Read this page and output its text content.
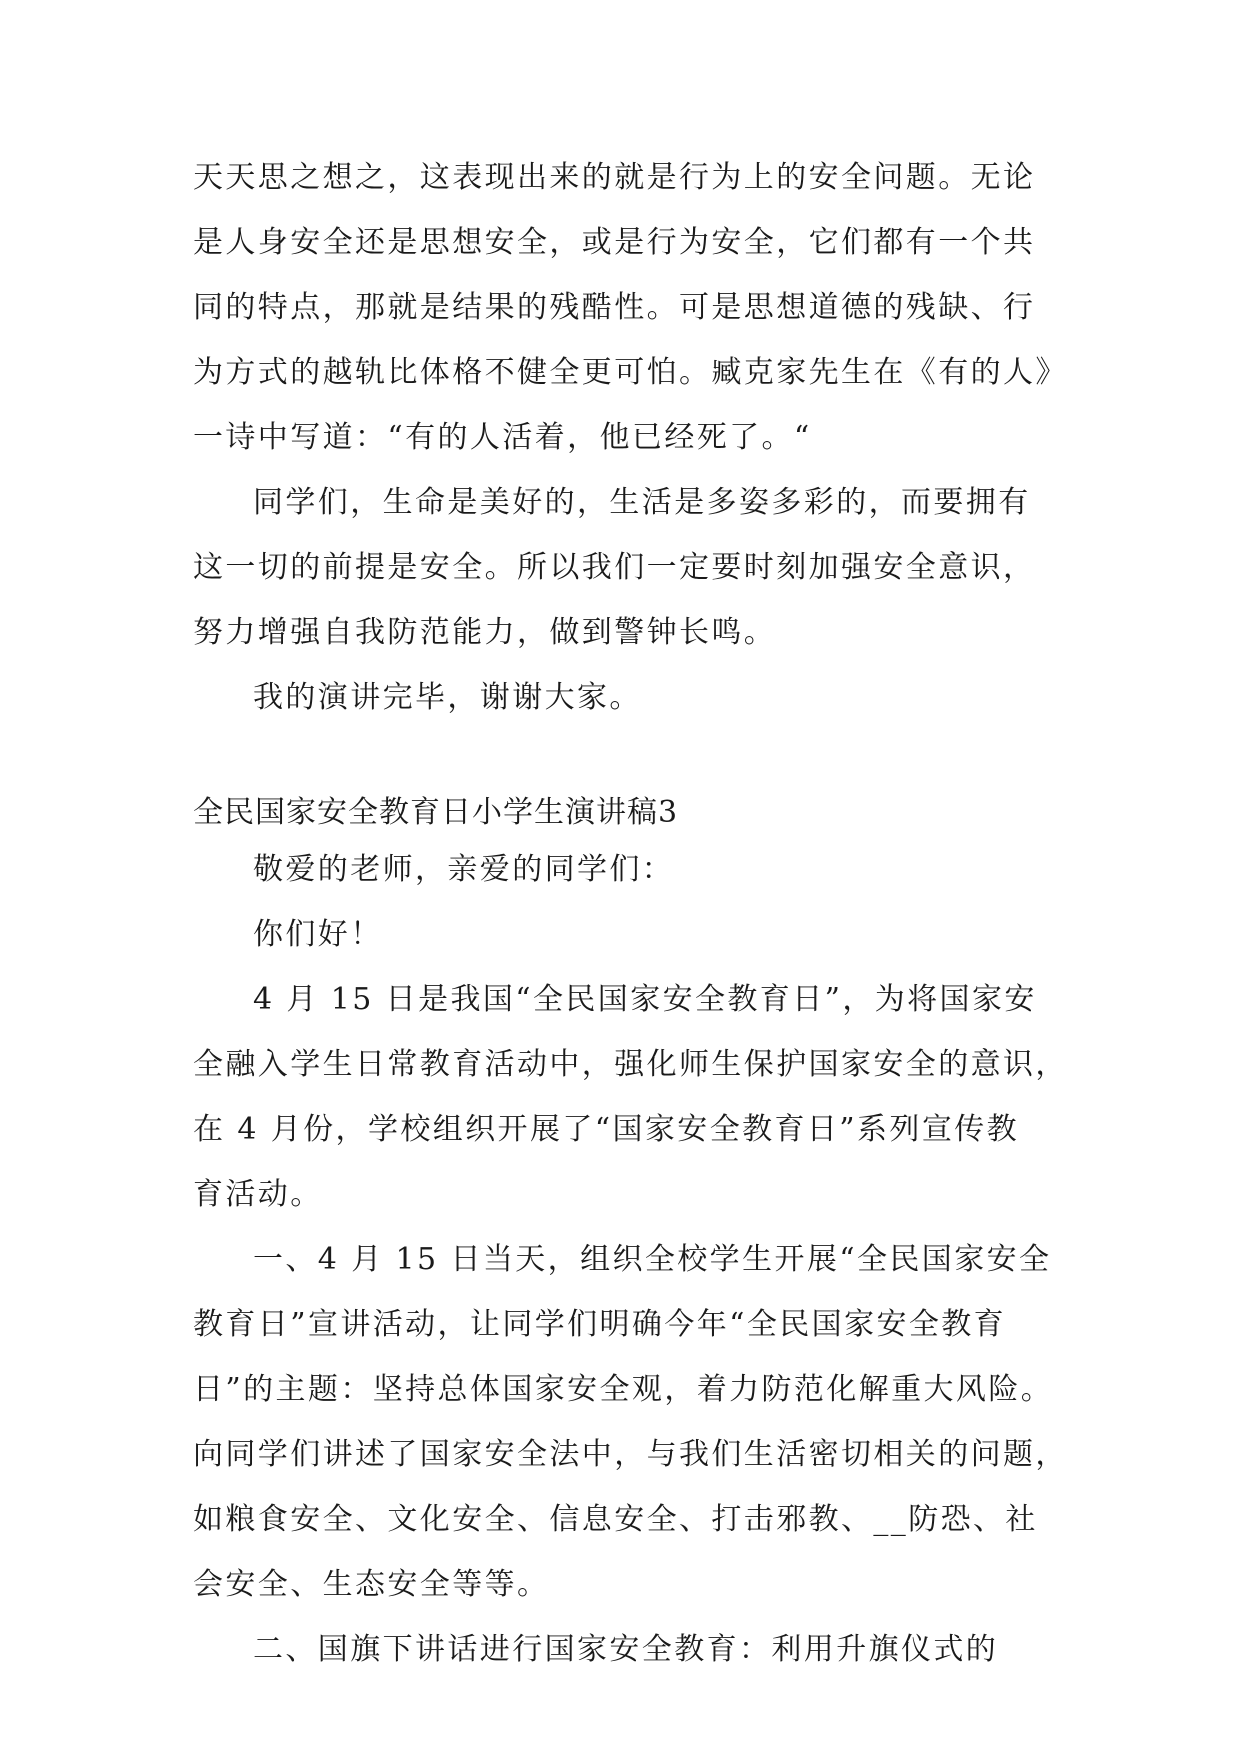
天天思之想之，这表现出来的就是行为上的安全问题。无论
是人身安全还是思想安全，或是行为安全，它们都有一个共
同的特点，那就是结果的残酷性。可是思想道德的残缺、行
为方式的越轨比体格不健全更可怕。臧克家先生在《有的人》
一诗中写道：“有的人活着，他已经死了。“
同学们，生命是美好的，生活是多姿多彩的，而要拥有
这一切的前提是安全。所以我们一定要时刻加强安全意识，
努力增强自我防范能力，做到警钟长鸣。
我的演讲完毕，谢谢大家。
全民国家安全教育日小学生演讲稿3
敬爱的老师，亲爱的同学们：
你们好！
4 月 15 日是我国“全民国家安全教育日”，为将国家安
全融入学生日常教育活动中，强化师生保护国家安全的意识，
在 4 月份，学校组织开展了“国家安全教育日”系列宣传教
育活动。
一、4 月 15 日当天，组织全校学生开展“全民国家安全
教育日”宣讲活动，让同学们明确今年“全民国家安全教育
日”的主题：坚持总体国家安全观，着力防范化解重大风险。
向同学们讲述了国家安全法中，与我们生活密切相关的问题，
如粮食安全、文化安全、信息安全、打击邪教、__防恐、社
会安全、生态安全等等。
二、国旗下讲话进行国家安全教育：利用升旗仪式的
